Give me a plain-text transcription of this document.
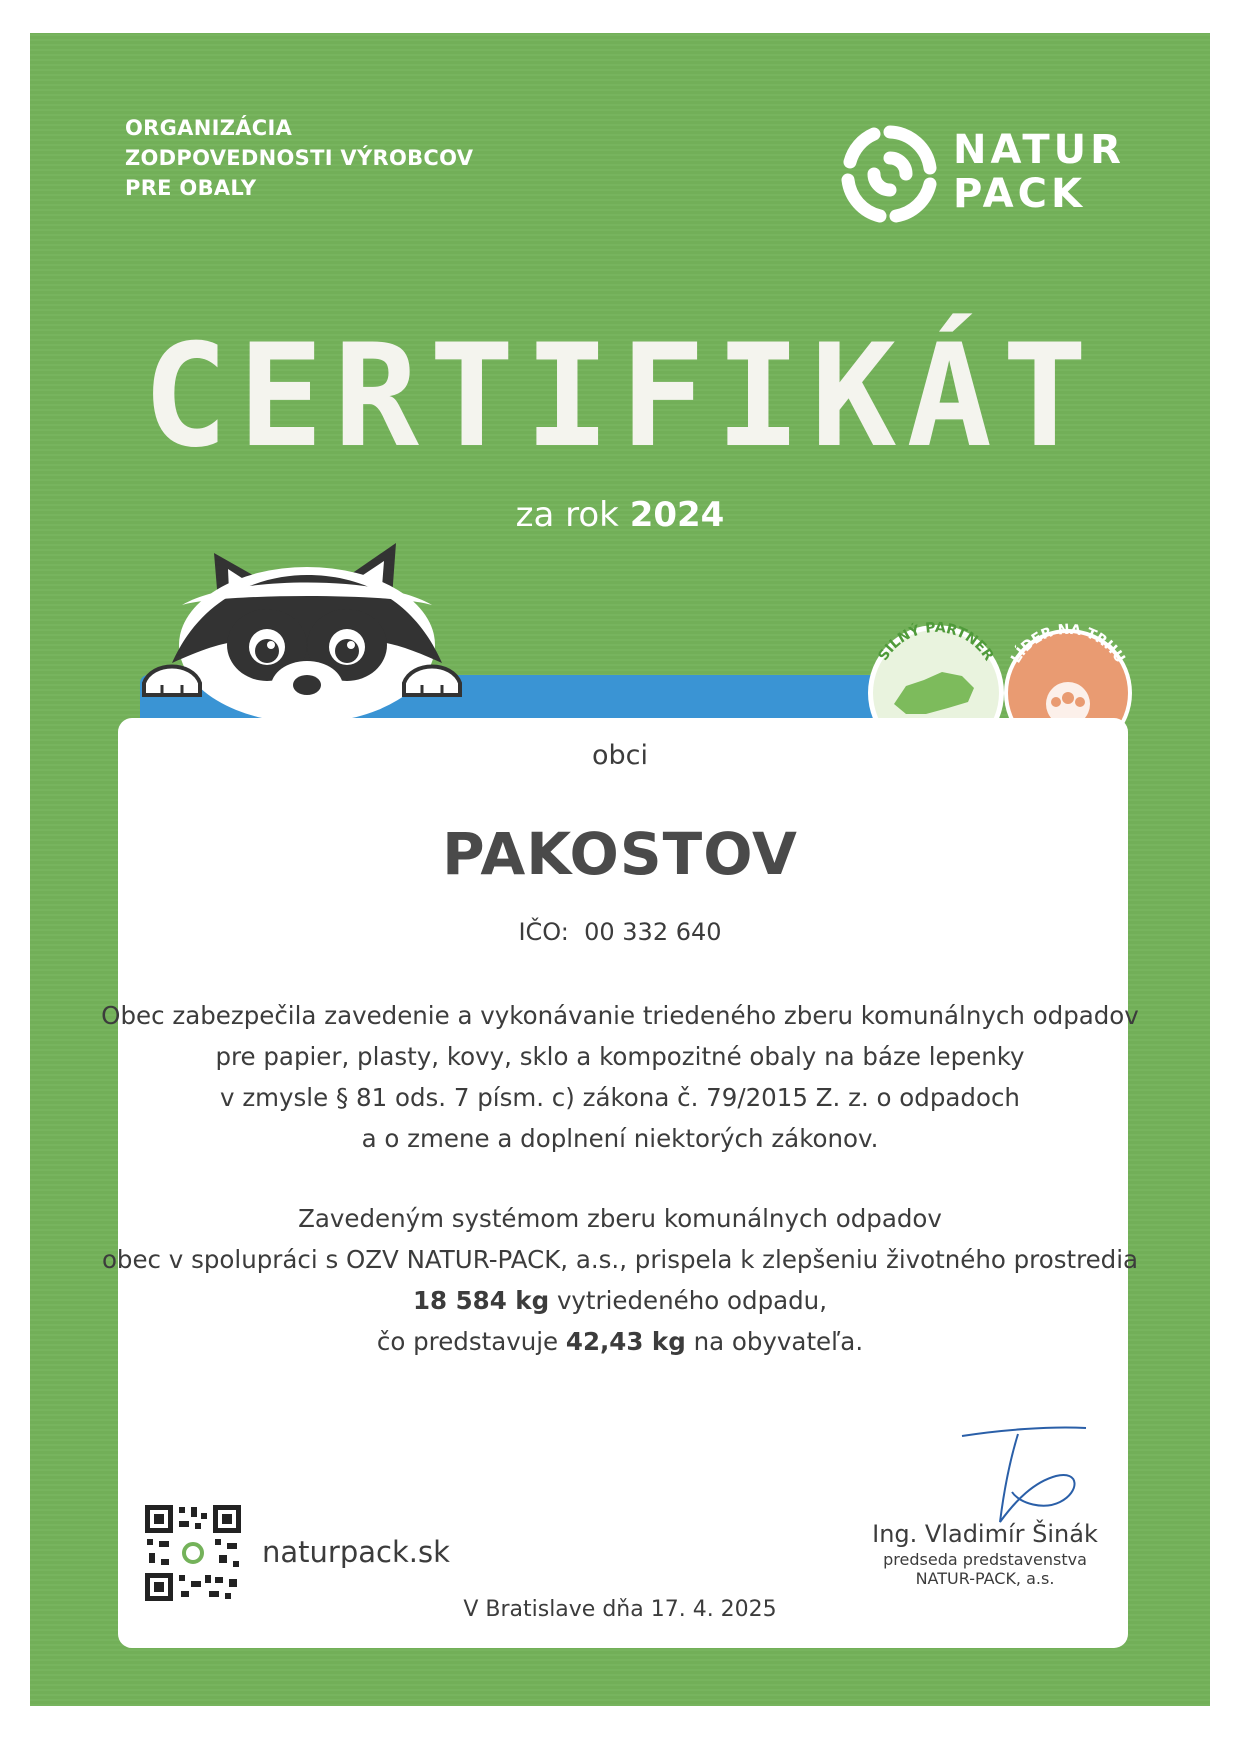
ORGANIZÁCIA
ZODPOVEDNOSTI VÝROBCOV
PRE OBALY
NATUR
PACK
CERTIFIKÁT
za rok 2024
SILNÝ PARTNER LÍDER NA TRHU
obci
PAKOSTOV
IČO: 00 332 640
Obec zabezpečila zavedenie a vykonávanie triedeného zberu komunálnych odpadov
pre papier, plasty, kovy, sklo a kompozitné obaly na báze lepenky
v zmysle § 81 ods. 7 písm. c) zákona č. 79/2015 Z. z. o odpadoch
a o zmene a doplnení niektorých zákonov.
Zavedeným systémom zberu komunálnych odpadov
obec v spolupráci s OZV NATUR-PACK, a.s., prispela k zlepšeniu životného prostredia
18 584 kg vytriedeného odpadu,
čo predstavuje 42,43 kg na obyvateľa.
naturpack.sk
Ing. Vladimír Šinák
predseda predstavenstva
NATUR-PACK, a.s.
V Bratislave dňa 17. 4. 2025
